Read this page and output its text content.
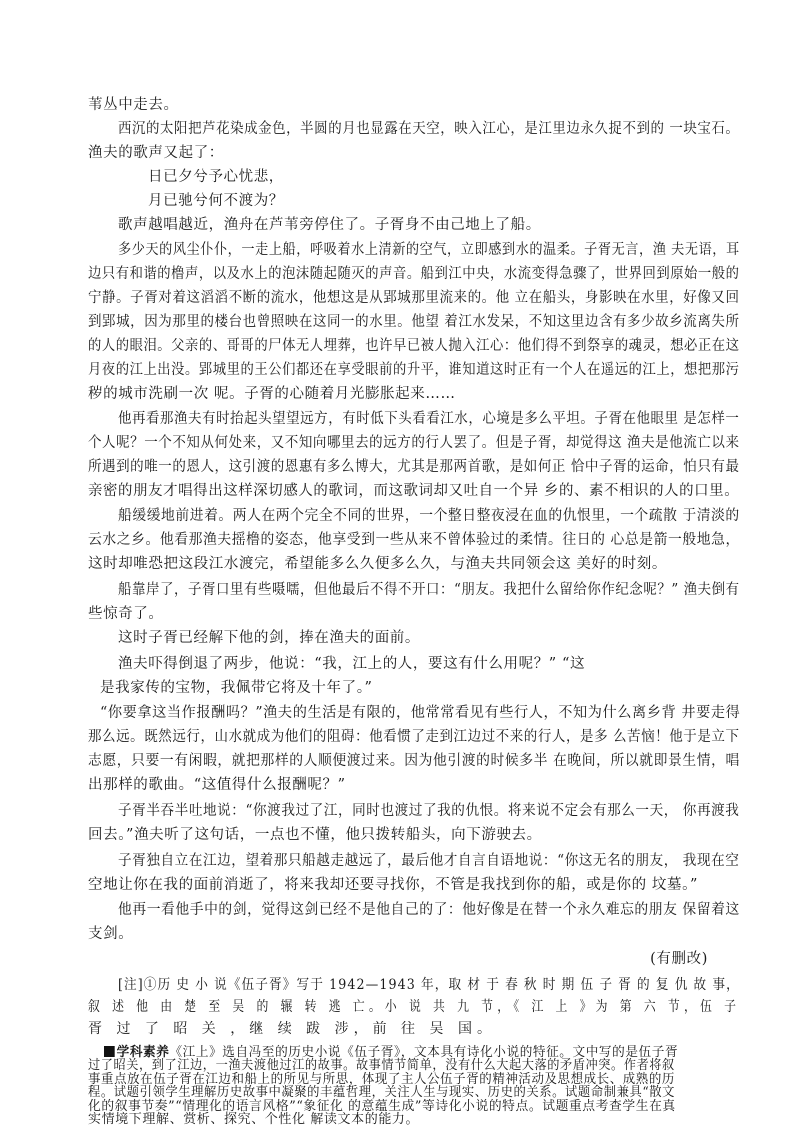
苇丛中走去。
西沉的太阳把芦花染成金色，半圆的月也显露在天空，映入江心，是江里边永久捉不到的 一块宝石。
渔夫的歌声又起了：
日已夕兮予心忧悲，
月已驰兮何不渡为？
歌声越唱越近，渔舟在芦苇旁停住了。子胥身不由己地上了船。
多少天的风尘仆仆，一走上船，呼吸着水上清新的空气，立即感到水的温柔。子胥无言，渔 夫无语，耳
边只有和谐的橹声，以及水上的泡沫随起随灭的声音。船到江中央，水流变得急骤了，世界回到原始一般的
宁静。子胥对着这滔滔不断的流水，他想这是从郢城那里流来的。他 立在船头，身影映在水里，好像又回
到郢城，因为那里的楼台也曾照映在这同一的水里。他望 着江水发呆，不知这里边含有多少故乡流离失所
的人的眼泪。父亲的、哥哥的尸体无人埋葬，也许早已被人抛入江心：他们得不到祭享的魂灵，想必正在这
月夜的江上出没。郢城里的王公们都还在享受眼前的升平，谁知道这时正有一个人在遥远的江上，想把那污
秽的城市洗刷一次 呢。子胥的心随着月光膨胀起来……
他再看那渔夫有时抬起头望望远方，有时低下头看看江水，心境是多么平坦。子胥在他眼里 是怎样一
个人呢？一个不知从何处来，又不知向哪里去的远方的行人罢了。但是子胥，却觉得这 渔夫是他流亡以来
所遇到的唯一的恩人，这引渡的恩惠有多么博大，尤其是那两首歌，是如何正 恰中子胥的运命，怕只有最
亲密的朋友才唱得出这样深切感人的歌词，而这歌词却又吐自一个异 乡的、素不相识的人的口里。
船缓缓地前进着。两人在两个完全不同的世界，一个整日整夜浸在血的仇恨里，一个疏散 于清淡的
云水之乡。他看那渔夫摇橹的姿态，他享受到一些从来不曾体验过的柔情。往日的 心总是箭一般地急，
这时却唯恐把这段江水渡完，希望能多么久便多么久，与渔夫共同领会这 美好的时刻。
船靠岸了，子胥口里有些嗫嚅，但他最后不得不开口：“朋友。我把什么留给你作纪念呢？” 渔夫倒有
些惊奇了。
这时子胥已经解下他的剑，捧在渔夫的面前。
渔夫吓得倒退了两步，他说：“我，江上的人，要这有什么用呢？” “这
是我家传的宝物，我佩带它将及十年了。”
“你要拿这当作报酬吗？”渔夫的生活是有限的，他常常看见有些行人，不知为什么离乡背 井要走得
那么远。既然远行，山水就成为他们的阻碍：他看惯了走到江边过不来的行人，是多 么苦恼！他于是立下
志愿，只要一有闲暇，就把那样的人顺便渡过来。因为他引渡的时候多半 在晚间，所以就即景生情，唱
出那样的歌曲。“这值得什么报酬呢？”
子胥半吞半吐地说：“你渡我过了江，同时也渡过了我的仇恨。将来说不定会有那么一天， 你再渡我
回去。”渔夫听了这句话，一点也不懂，他只拨转船头，向下游驶去。
子胥独自立在江边，望着那只船越走越远了，最后他才自言自语地说：“你这无名的朋友， 我现在空
空地让你在我的面前消逝了，将来我却还要寻找你，不管是我找到你的船，或是你的 坟墓。”
他再一看他手中的剑，觉得这剑已经不是他自己的了：他好像是在替一个永久难忘的朋友 保留着这
支剑。
(有删改)
[注]①历 史 小 说《伍子胥》写于 1942—1943 年，取 材 于 春 秋 时 期 伍 子 胥 的 复 仇 故 事，
叙 述 他 由 楚 至 吴 的 辗 转 逃 亡。小 说 共 九 节，《 江 上 》为 第 六 节，伍 子
胥 过 了 昭 关 ，继 续 跋 涉，前 往 吴 国。
学科素养《江上》选自冯至的历史小说《伍子胥》，文本具有诗化小说的特征。文中写的是伍子胥
过了昭关，到了江边，一渔夫渡他过江的故事。故事情节简单，没有什么大起大落的矛盾冲突。作者将叙
事重点放在伍子胥在江边和船上的所见与所思，体现了主人公伍子胥的精神活动及思想成长、成熟的历
程。试题引领学生理解历史故事中凝聚的丰蕴哲理，关注人生与现实、历史的关系。试题命制兼具“散文
化的叙事节奏”“情理化的语言风格”“象征化 的意蕴生成”等诗化小说的特点。试题重点考查学生在真
实情境下理解、赏析、探究、个性化 解读文本的能力。
